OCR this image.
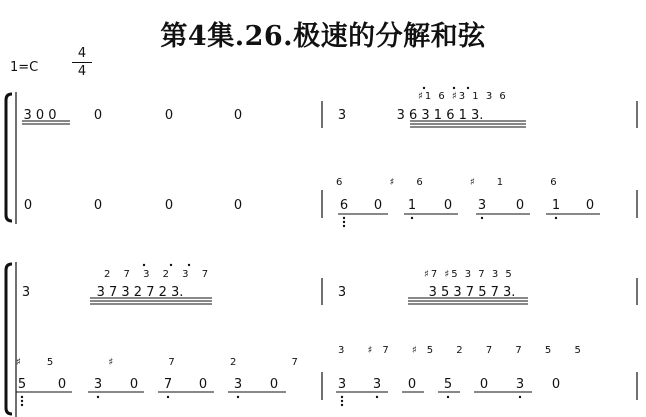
第4集.26.极速的分解和弦
1=C
4
4
3 0 0	0	0	0	3	3 6 3 1 6 1 3.
0	0	0	0	6 0 1 0 3 0 1 0
3	3 7 3 2 7 2 3.	3	3 5 3 7 5 7 3.
5 0 3 0 7 0 3 0	3 3 0 5 0 3 0
♯1 6 ♯3 1 3 6
6 ♯6 ♯1 6
2 7 3 2 3 7	♯7 ♯5 3 7 3 5
♯5 ♯ 7 2 7
3 ♯7 ♯5 2 7 7 5 5
